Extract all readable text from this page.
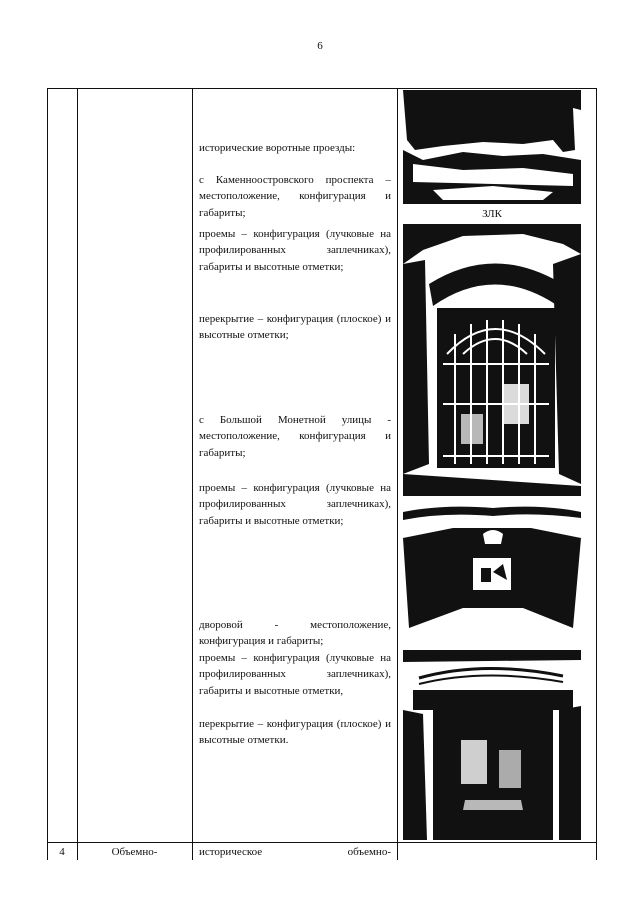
6

исторические воротные проезды:

с Каменноостровского проспекта – местоположение, конфигурация и габариты;

проемы – конфигурация (лучковые на профилированных заплечниках), габариты и высотные отметки;

перекрытие – конфигурация (плоское) и высотные отметки;

с Большой Монетной улицы - местоположение, конфигурация и габариты;

проемы – конфигурация (лучковые на профилированных заплечниках), габариты и высотные отметки;

дворовой - местоположение, конфигурация и габариты;

проемы – конфигурация (лучковые на профилированных заплечниках), габариты и высотные отметки,

перекрытие – конфигурация (плоское) и высотные отметки.

ЗЛК
4	Объемно-	историческое объемно-
